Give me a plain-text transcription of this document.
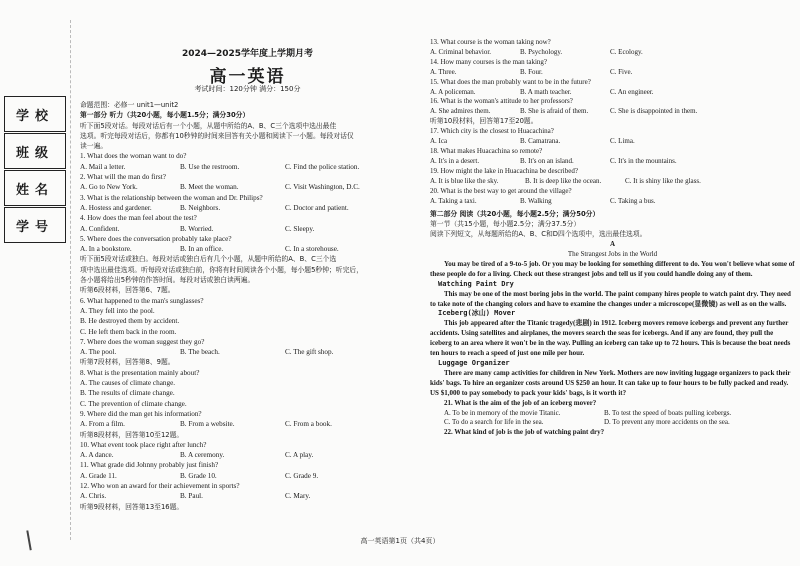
学校
班级
姓名
学号
2024—2025学年度上学期月考
高一英语
考试时间：120分钟 满分：150分
命题范围：必修一 unit1—unit2
第一部分 听力（共20小题，每小题1.5分；满分30分）
听下面5段对话。每段对话后有一个小题，从题中所给的A、B、C三个选项中选出最佳
选项。听完每段对话后，你都有10秒钟的时间来回答有关小题和阅读下一小题。每段对话仅
读一遍。
1. What does the woman want to do?
A. Mail a letter.	B. Use the restroom.	C. Find the police station.
2. What will the man do first?
A. Go to New York.	B. Meet the woman.	C. Visit Washington, D.C.
3. What is the relationship between the woman and Dr. Philips?
A. Hostess and gardener.	B. Neighbors.	C. Doctor and patient.
4. How does the man feel about the test?
A. Confident.	B. Worried.	C. Sleepy.
5. Where does the conversation probably take place?
A. In a bookstore.	B. In an office.	C. In a storehouse.
听下面5段对话或独白。每段对话或独白后有几个小题，从题中所给的A、B、C三个选
项中选出最佳选项。听每段对话或独白前，你将有时间阅读各个小题，每小题5秒钟；听完后，
各小题将给出5秒钟的作答时间。每段对话或独白读两遍。
听第6段材料，回答第6、7题。
6. What happened to the man's sunglasses?
A. They fell into the pool.
B. He destroyed them by accident.
C. He left them back in the room.
7. Where does the woman suggest they go?
A. The pool.	B. The beach.	C. The gift shop.
听第7段材料，回答第8、9题。
8. What is the presentation mainly about?
A. The causes of climate change.
B. The results of climate change.
C. The prevention of climate change.
9. Where did the man get his information?
A. From a film.	B. From a website.	C. From a book.
听第8段材料，回答第10至12题。
10. What event took place right after lunch?
A. A dance.	B. A ceremony.	C. A play.
11. What grade did Johnny probably just finish?
A. Grade 11.	B. Grade 10.	C. Grade 9.
12. Who won an award for their achievement in sports?
A. Chris.	B. Paul.	C. Mary.
听第9段材料，回答第13至16题。
13. What course is the woman taking now?
A. Criminal behavior.	B. Psychology.	C. Ecology.
14. How many courses is the man taking?
A. Three.	B. Four.	C. Five.
15. What does the man probably want to be in the future?
A. A policeman.	B. A math teacher.	C. An engineer.
16. What is the woman's attitude to her professors?
A. She admires them.	B. She is afraid of them.	C. She is disappointed in them.
听第10段材料，回答第17至20题。
17. Which city is the closest to Huacachina?
A. Ica	B. Camatrana.	C. Lima.
18. What makes Huacachina so remote?
A. It's in a desert.	B. It's on an island.	C. It's in the mountains.
19. How might the lake in Huacachina be described?
A. It is blue like the sky.	B. It is deep like the ocean.	C. It is shiny like the glass.
20. What is the best way to get around the village?
A. Taking a taxi.	B. Walking	C. Taking a bus.
第二部分 阅读（共20小题，每小题2.5分；满分50分）
第一节（共15小题，每小题2.5分；满分37.5分）
阅读下列短文，从每题所给的A、B、C和D四个选项中，选出最佳选项。
A
The Strangest Jobs in the World
You may be tired of a 9-to-5 job. Or you may be looking for something different to do. You won't believe what some of these people do for a living. Check out these strangest jobs and tell us if you could handle doing any of them.
Watching Paint Dry
This may be one of the most boring jobs in the world. The paint company hires people to watch paint dry. They need to take note of the changing colors and have to examine the changes under a microscope(显微镜) as well as on the walls.
Iceberg(冰山) Mover
This job appeared after the Titanic tragedy(悲剧) in 1912. Iceberg movers remove icebergs and prevent any further accidents. Using satellites and airplanes, the movers search the seas for icebergs. And if any are found, they pull the iceberg to an area where it won't be in the way. Pulling an iceberg can take up to 72 hours. This is because the boat needs ten hours to reach a speed of just one mile per hour.
Luggage Organizer
There are many camp activities for children in New York. Mothers are now inviting luggage organizers to pack their kids' bags. To hire an organizer costs around US $250 an hour. It can take up to four hours to be fully packed and ready. US $1,000 to pay somebody to pack your kids' bags, is it worth it?
21. What is the aim of the job of an iceberg mover?
A. To be in memory of the movie Titanic.	B. To test the speed of boats pulling icebergs.
C. To do a search for life in the sea.	D. To prevent any more accidents on the sea.
22. What kind of job is the job of watching paint dry?
高一英语第1页（共4页）
